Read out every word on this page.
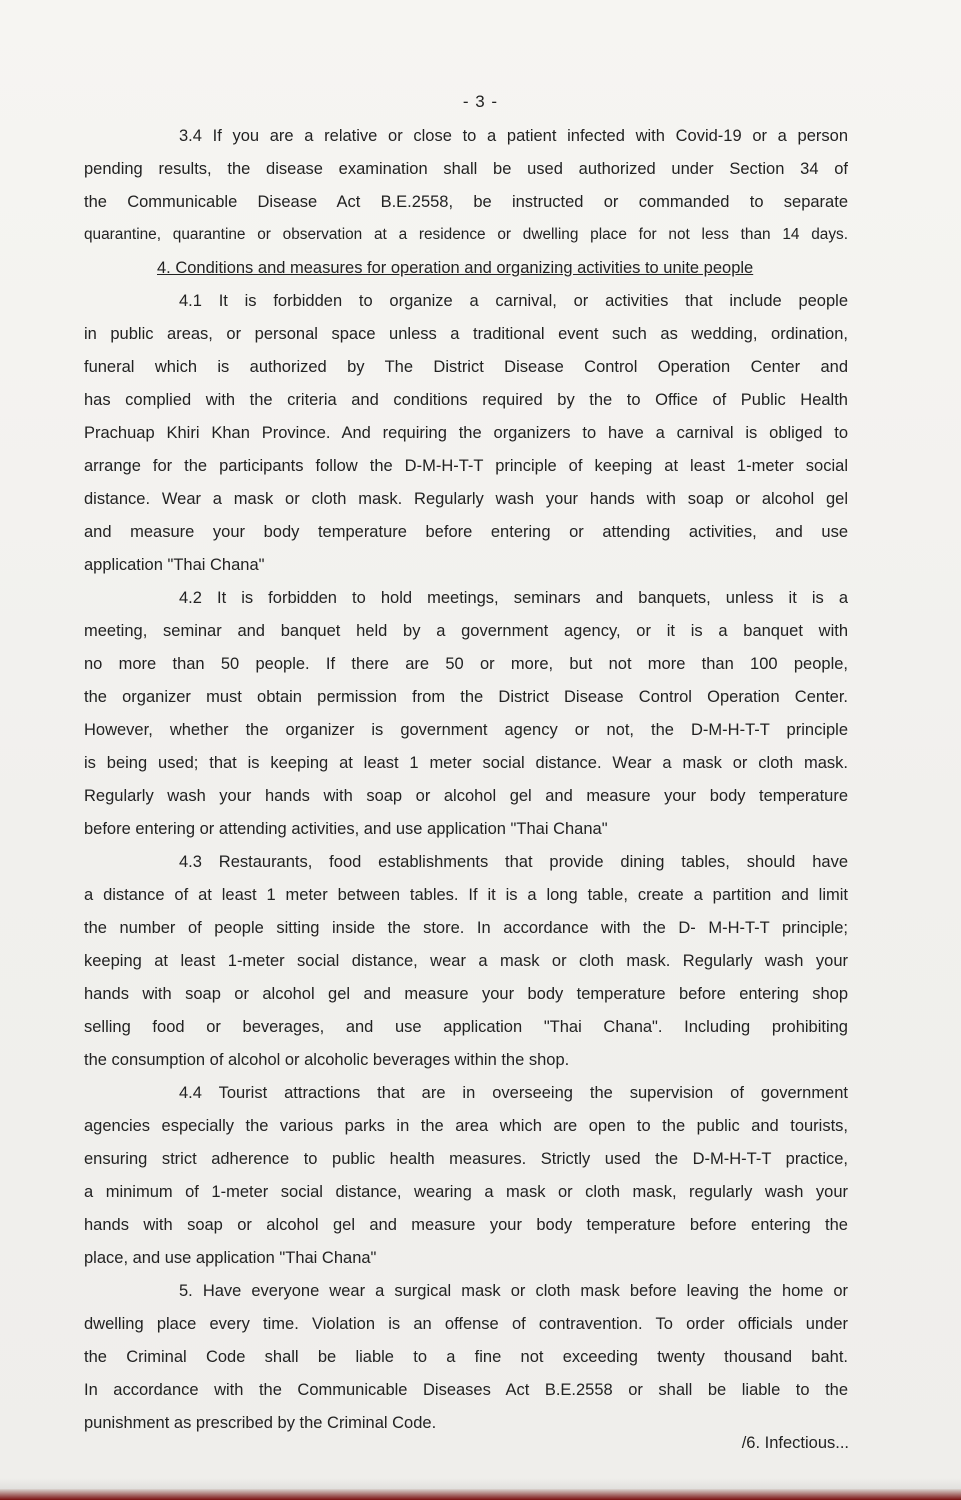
- 3 -
3.4 If you are a relative or close to a patient infected with Covid-19 or a person
pending results, the disease examination shall be used authorized under Section 34 of
the Communicable Disease Act B.E.2558, be instructed or commanded to separate
quarantine, quarantine or observation at a residence or dwelling place for not less than 14 days.
4. Conditions and measures for operation and organizing activities to unite people
4.1 It is forbidden to organize a carnival, or activities that include people
in public areas, or personal space unless a traditional event such as wedding, ordination,
funeral which is authorized by The District Disease Control Operation Center and
has complied with the criteria and conditions required by the to Office of Public Health
Prachuap Khiri Khan Province. And requiring the organizers to have a carnival is obliged to
arrange for the participants follow the D-M-H-T-T principle of keeping at least 1-meter social
distance. Wear a mask or cloth mask. Regularly wash your hands with soap or alcohol gel
and measure your body temperature before entering or attending activities, and use
application "Thai Chana"
4.2 It is forbidden to hold meetings, seminars and banquets, unless it is a
meeting, seminar and banquet held by a government agency, or it is a banquet with
no more than 50 people. If there are 50 or more, but not more than 100 people,
the organizer must obtain permission from the District Disease Control Operation Center.
However, whether the organizer is government agency or not, the D-M-H-T-T principle
is being used; that is keeping at least 1 meter social distance. Wear a mask or cloth mask.
Regularly wash your hands with soap or alcohol gel and measure your body temperature
before entering or attending activities, and use application "Thai Chana"
4.3 Restaurants, food establishments that provide dining tables, should have
a distance of at least 1 meter between tables. If it is a long table, create a partition and limit
the number of people sitting inside the store. In accordance with the D- M-H-T-T principle;
keeping at least 1-meter social distance, wear a mask or cloth mask. Regularly wash your
hands with soap or alcohol gel and measure your body temperature before entering shop
selling food or beverages, and use application "Thai Chana". Including prohibiting
the consumption of alcohol or alcoholic beverages within the shop.
4.4 Tourist attractions that are in overseeing the supervision of government
agencies especially the various parks in the area which are open to the public and tourists,
ensuring strict adherence to public health measures. Strictly used the D-M-H-T-T practice,
a minimum of 1-meter social distance, wearing a mask or cloth mask, regularly wash your
hands with soap or alcohol gel and measure your body temperature before entering the
place, and use application "Thai Chana"
5. Have everyone wear a surgical mask or cloth mask before leaving the home or
dwelling place every time. Violation is an offense of contravention. To order officials under
the Criminal Code shall be liable to a fine not exceeding twenty thousand baht.
In accordance with the Communicable Diseases Act B.E.2558 or shall be liable to the
punishment as prescribed by the Criminal Code.
/6. Infectious...
